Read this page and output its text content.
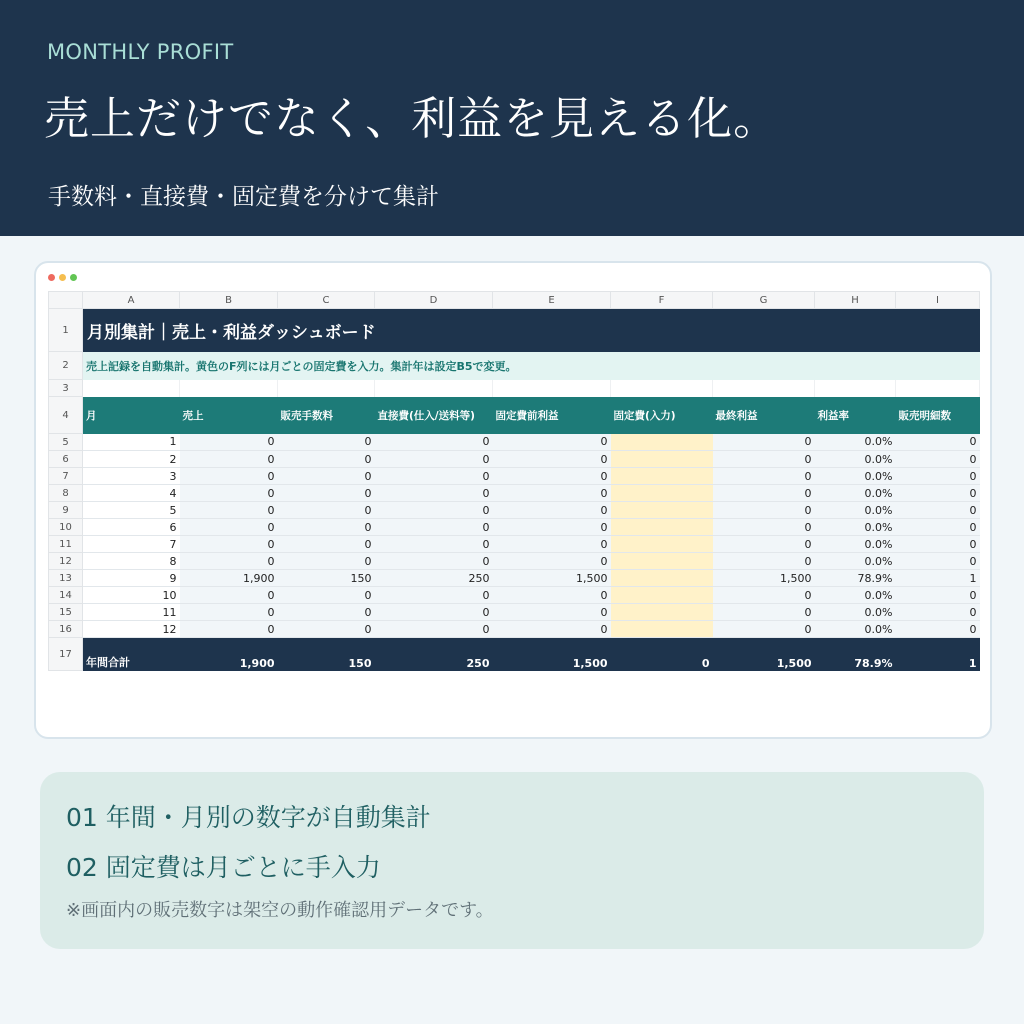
MONTHLY PROFIT
売上だけでなく、利益を見える化。
手数料・直接費・固定費を分けて集計
	A	B	C	D	E	F	G	H	I
1	月別集計｜売上・利益ダッシュボード								
2	売上記録を自動集計。黄色のF列には月ごとの固定費を入力。集計年は設定B5で変更。								
3									
4	月	売上	販売手数料	直接費(仕入/送料等)	固定費前利益	固定費(入力)	最終利益	利益率	販売明細数
5	1	0	0	0	0		0	0.0%	0
6	2	0	0	0	0		0	0.0%	0
7	3	0	0	0	0		0	0.0%	0
8	4	0	0	0	0		0	0.0%	0
9	5	0	0	0	0		0	0.0%	0
10	6	0	0	0	0		0	0.0%	0
11	7	0	0	0	0		0	0.0%	0
12	8	0	0	0	0		0	0.0%	0
13	9	1,900	150	250	1,500		1,500	78.9%	1
14	10	0	0	0	0		0	0.0%	0
15	11	0	0	0	0		0	0.0%	0
16	12	0	0	0	0		0	0.0%	0
17	年間合計	1,900	150	250	1,500	0	1,500	78.9%	1
01 年間・月別の数字が自動集計
02 固定費は月ごとに手入力
※画面内の販売数字は架空の動作確認用データです。
